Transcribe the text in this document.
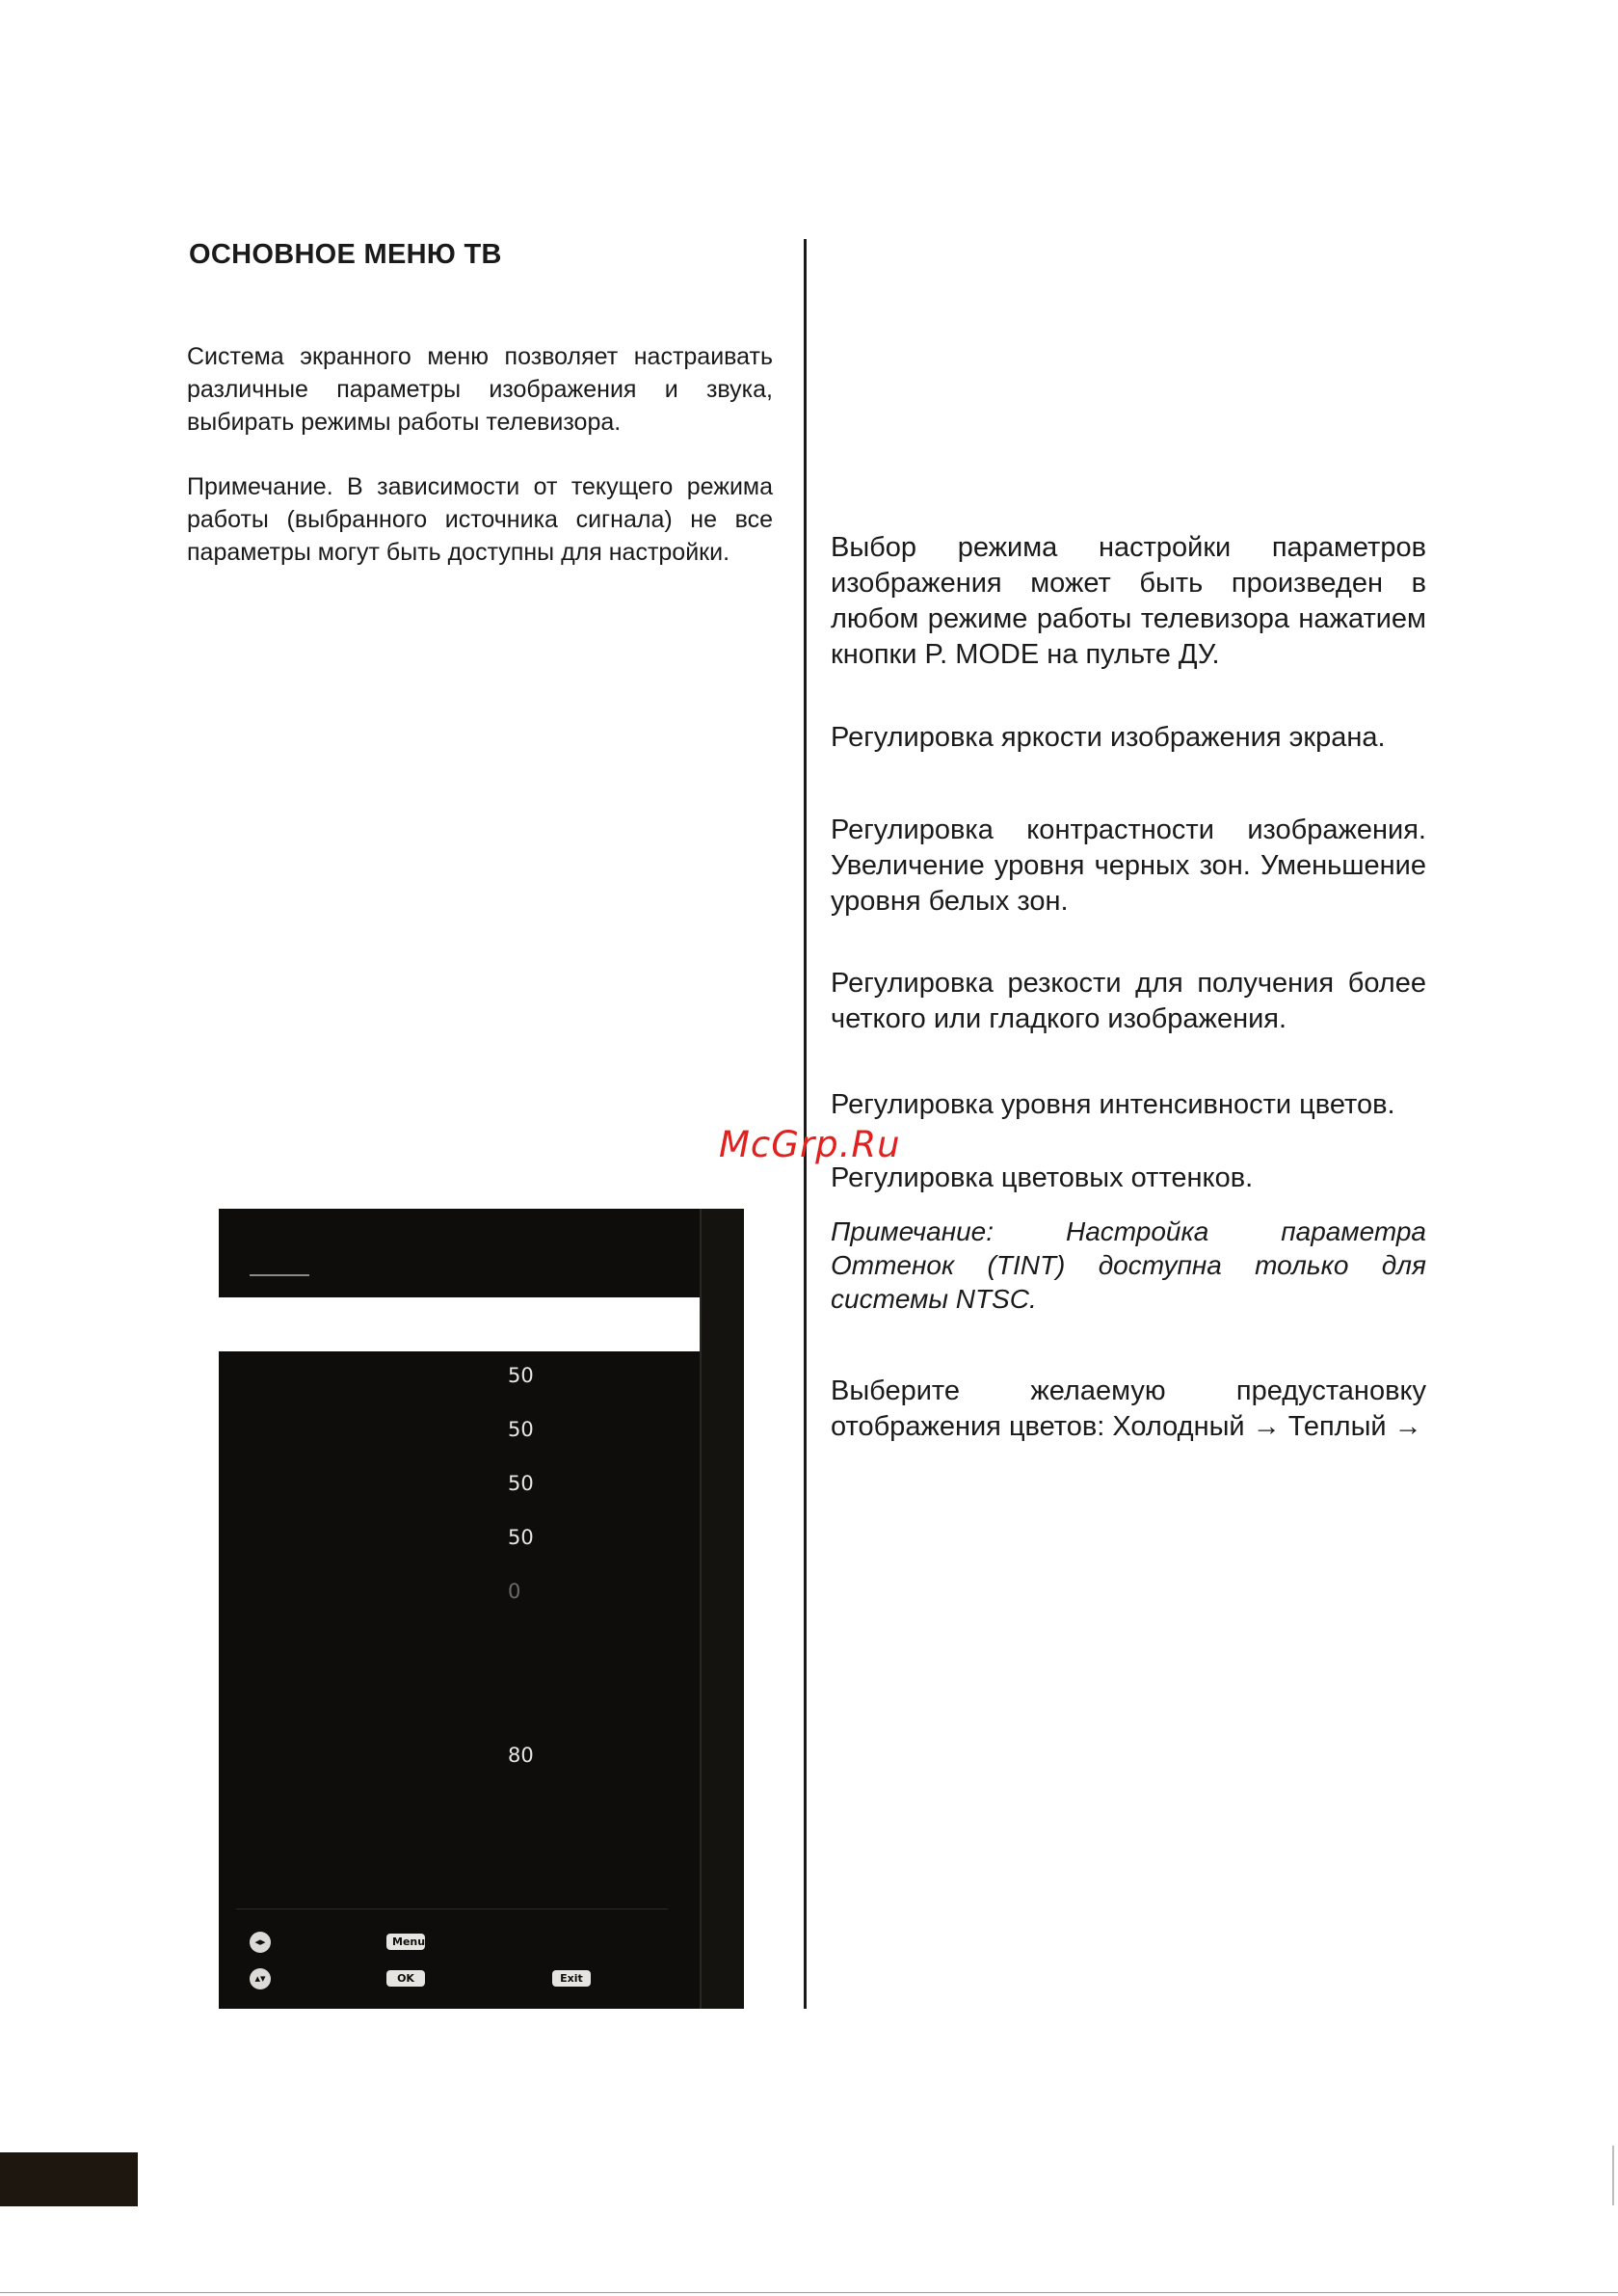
ОСНОВНОЕ МЕНЮ ТВ
Система экранного меню позволяет настраивать различные параметры изображения и звука, выбирать режимы работы телевизора.
Примечание. В зависимости от текущего режима работы (выбранного источника сигнала) не все параметры могут быть доступны для настройки.	Выбор режима настройки параметров изображения может быть произведен в любом режиме работы телевизора нажатием кнопки P. MODE на пульте ДУ.
Регулировка яркости изображения экрана.
Регулировка контрастности изображения. Увеличение уровня черных зон. Уменьшение уровня белых зон.
Регулировка резкости для получения более четкого или гладкого изображения.
Регулировка уровня интенсивности цветов.
Регулировка цветовых оттенков.
Примечание: Настройка параметра Оттенок (TINT) доступна только для системы NTSC.
Выберите желаемую предустановку отображения цветов: Холодный → Теплый →
McGrp.Ru
50
50
50
50
0
80
◂▸
▴▾
Menu
OK	Exit
